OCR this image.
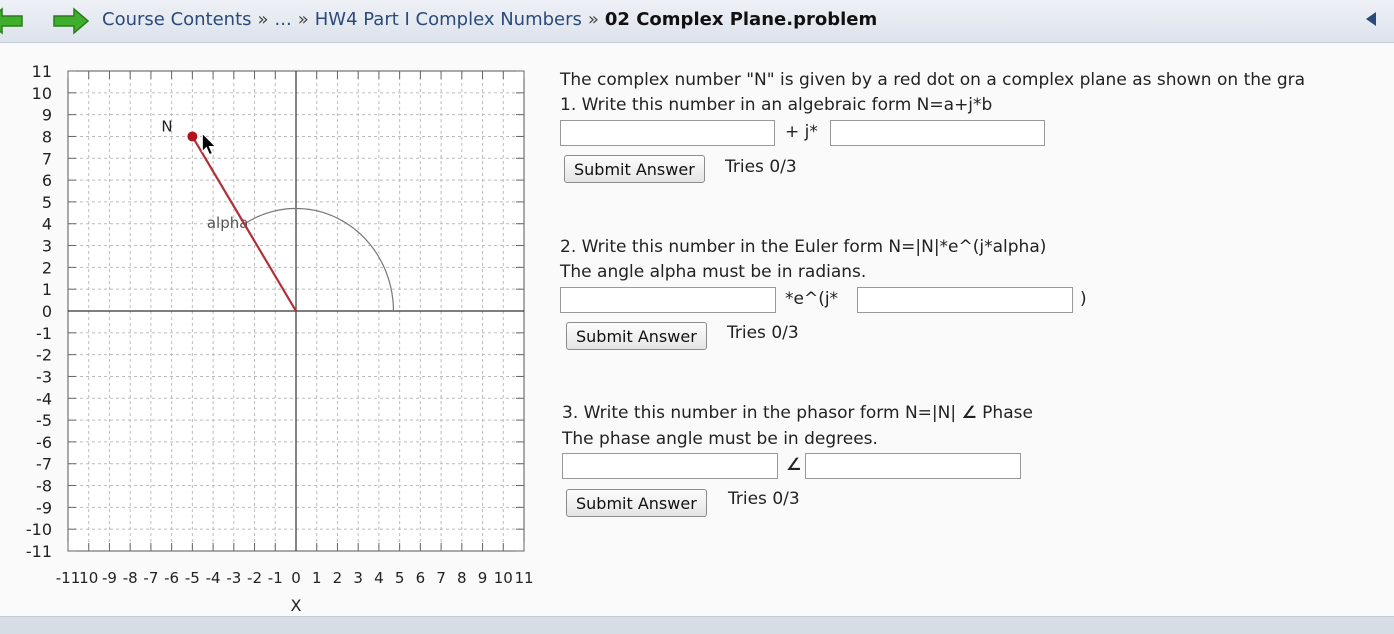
Course Contents » ... » HW4 Part I Complex Numbers » 02 Complex Plane.problem
11
10
9
8
7
6
5
4
3
2
1
0
-1
-2
-3
-4
-5
-6
-7
-8
-9
-10
-11
-11
10 -9 -8 -7 -6 -5 -4 -3 -2 -1 0 1 2 3 4 5 6 7 8 9 10 11
X
alpha
N
The complex number "N" is given by a red dot on a complex plane as shown on the gra
1. Write this number in an algebraic form N=a+j*b
+ j*
Submit Answer	Tries 0/3
2. Write this number in the Euler form N=|N|*e^(j*alpha)
The angle alpha must be in radians.
*e^(j*	)
Submit Answer	Tries 0/3
3. Write this number in the phasor form N=|N| ∠ Phase
The phase angle must be in degrees.
∠
Submit Answer	Tries 0/3
